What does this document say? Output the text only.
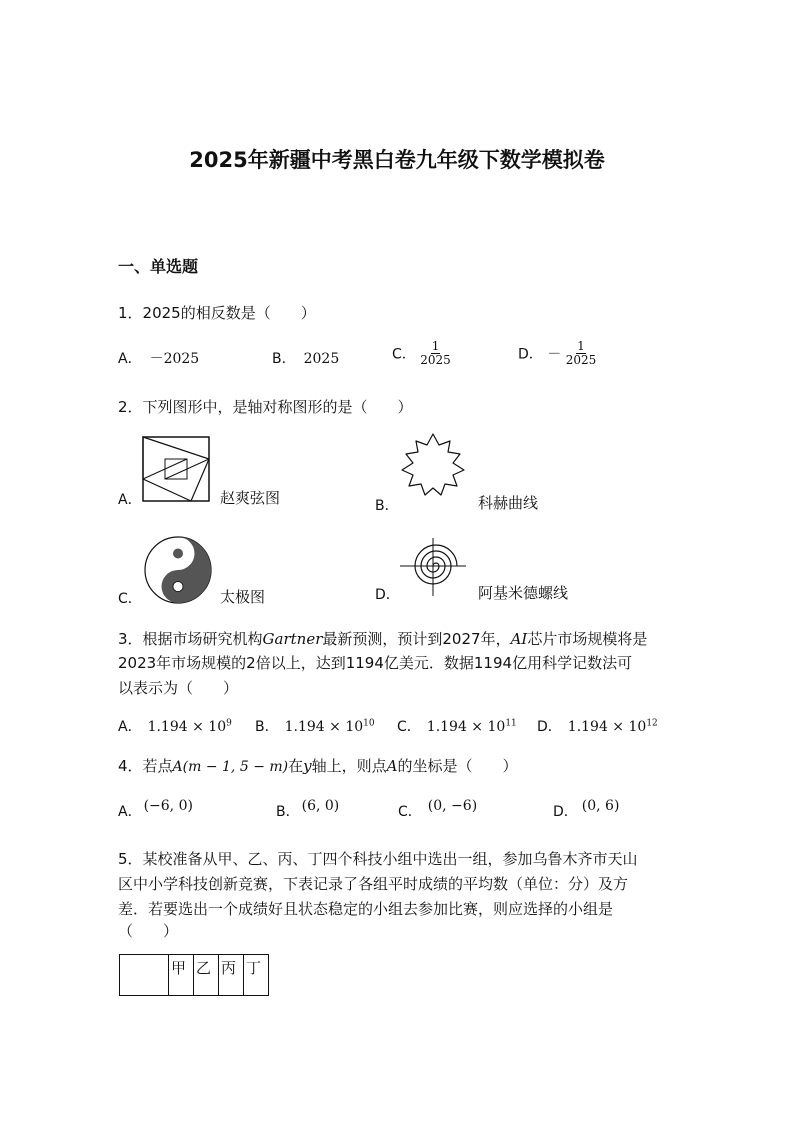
2025年新疆中考黑白卷九年级下数学模拟卷
一、单选题
1．2025的相反数是（　　）
A． －2025	B． 2025	C． $\frac{1}{2025}$	D． － $\frac{1}{2025}$
2．下列图形中，是轴对称图形的是（　　）
A．	赵爽弦图	B．	科赫曲线
C．	太极图	D．	阿基米德螺线
3．根据市场研究机构Gartner最新预测，预计到2027年，AI芯片市场规模将是
2023年市场规模的2倍以上，达到1194亿美元．数据1194亿用科学记数法可
以表示为（　　）
A． $1.194 \times 10^9$ B． $1.194 \times 10^{10}$ C． $1.194 \times 10^{11}$ D． $1.194 \times 10^{12}$
4．若点A(m − 1, 5 − m)在y轴上，则点A的坐标是（　　）
A． (−6, 0)	B． (6, 0)	C． (0, −6)	D． (0, 6)
5．某校准备从甲、乙、丙、丁四个科技小组中选出一组，参加乌鲁木齐市天山
区中小学科技创新竞赛，下表记录了各组平时成绩的平均数（单位：分）及方
差．若要选出一个成绩好且状态稳定的小组去参加比赛，则应选择的小组是
（　　）
	甲	乙	丙	丁
